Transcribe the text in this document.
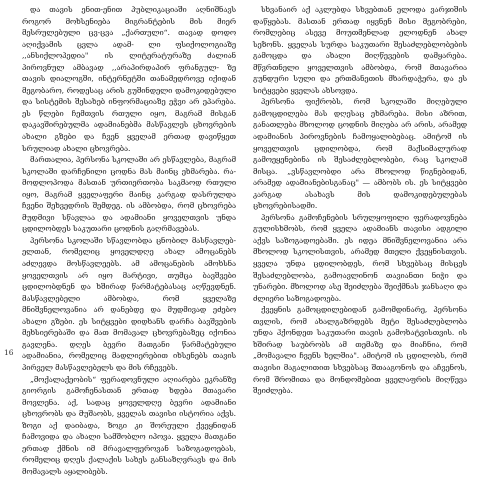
და თავის ენით-ენით პუბლიკაციაში აღნიშნავს როგორ მოხსენიება მიგრანტების მის მიერ მესრულებული ცვ-ცვა „ქართული“. თავად დოდო აღიქვამის ცვლა ადამ- ლი ფსიქოლოგიაზე ,,ანსიქლოპედია" ის ლიტერატურაზე ძალიან პიროვნულ ამბავად ,,არაპირდაპირ ფრანგულ- ზე თავის დიალოგში, ინტერნეტში თანამედროვე იქიდან მეგობარო, როდესაც არის გუშინდელი დამოკიდებული და სისტემის შესახებ ინფორმაციაზე ეჭვი არ ეპარება. ეს წლები ჩემთვის რთული იყო, მაგრამ მისგან დაკავშირებულმა ადამიანებმა მასწავლეს ცხოვრების ახალი გზები და ჩვენ ყველამ ერთად დავიწყეთ სრულიად ახალი ცხოვრება.

მართალია, პერსონა სკოლაში არ ესწავლება, მაგრამ სკოლაში დარჩენილი ცოდნა მას მაინც ეხმარება. რა- მოდლოპოდა მასთან ურთიერთობა საკმაოდ რთული იყო, მაგრამ ყველაფერი მაინც კარგად დასრულდა ჩვენი შეხვედრის შემდეგ. ის ამბობდა, რომ ცხოვრება მუდმივი სწავლაა და ადამიანი ყოველთვის უნდა ცდილობდეს საკუთარი ცოდნის გაღრმავებას.

პერსონა სკოლაში სწავლობდა ცნობილ მასწავლებ- ელთან, რომელიც ყოველდღე ახალ ამოცანებს აძლევდა მოსწავლეებს. ამ ამოცანების ამოხსნა ყოველთვის არ იყო მარტივი, თუმცა ბავშვები ცდილობდნენ და ხშირად წარმატებასაც აღწევდნენ. მასწავლებელი ამბობდა, რომ ყველაზე მნიშვნელოვანია არ დანებდე და მუდმივად ეძებო ახალი გზები. ეს სიტყვები დიდხანს დარჩა ბავშვების მეხსიერებაში და მათ მომავალ ცხოვრებაზეც იქონია გავლენა. დღეს ბევრი მათგანი წარმატებული ადამიანია, რომელიც მადლიერებით იხსენებს თავის პირველ მასწავლებელს და მის რჩევებს.

„მოქალაქეობის“ ფერადოვნული აღიარება ეკრანზე გიორგის გამოჩენასთან ერთად ხდება მთავარი მოვლენა. აქ, სადაც ყოველდღე ბევრი ადამიანი ცხოვრობს და მუშაობს, ყველას თავისი ისტორია აქვს. ზოგი აქ დაიბადა, ზოგი კი შორეული ქვეყნიდან ჩამოვიდა და ახალი სამშობლო იპოვა. ყველა მათგანი ერთად ქმნის იმ მრავალფეროვან საზოგადოებას, რომელიც დღეს ქალაქის სახეს განსაზღვრავს და მის მომავალს აყალიბებს.

16

სხვანაირ აქ აკლუბდა სხვებთან ელოდა ვარჯიშის დაწყებას. მასთან ერთად იყვნენ მისი მეგობრები, რომლებიც ასევე მოუთმენლად ელოდნენ ახალ სეზონს. ყველას სურდა საკუთარი შესაძლებლობების გამოცდა და ახალი მიღწევების დამყარება. მწვრთნელი ყოველთვის ამბობდა, რომ მთავარია გუნდური სული და ერთმანეთის მხარდაჭერა, და ეს სიტყვები ყველას ახსოვდა.

პერსონა ფიქრობს, რომ სკოლაში მიღებული გამოცდილება მას დღესაც ეხმარება. მისი აზრით, განათლება მხოლოდ ცოდნის მიღება არ არის, არამედ ადამიანის პიროვნების ჩამოყალიბებაც. ამიტომ ის ყოველთვის ცდილობდა, რომ მაქსიმალურად გამოეყენებინა ის შესაძლებლობები, რაც სკოლამ მისცა. „ვსწავლობდი არა მხოლოდ წიგნებიდან, არამედ ადამიანებისგანაც" — ამბობს ის. ეს სიტყვები კარგად ასახავს მის დამოკიდებულებას ცხოვრებისადმი.

პერსონა გამოჩენების სრულყოფილი ფერადოვნება გულისხმობს, რომ ყველა ადამიანს თავისი ადგილი აქვს საზოგადოებაში. ეს იდეა მნიშვნელოვანია არა მხოლოდ სკოლისთვის, არამედ მთელი ქვეყნისთვის. ყველა უნდა ცდილობდეს, რომ სხვებსაც მისცეს შესაძლებლობა, გამოავლინონ თავიანთი ნიჭი და უნარები. მხოლოდ ასე შეიძლება შეიქმნას ჯანსაღი და ძლიერი საზოგადოება.

ქვეყნის გამოცდილებიდან გამომდინარე, პერსონა თვლის, რომ ახალგაზრდებს მეტი შესაძლებლობა უნდა ჰქონდეთ საკუთარი თავის გამოხატვისთვის. ის ხშირად საუბრობს ამ თემაზე და მიაჩნია, რომ „მომავალი ჩვენს ხელშია". ამიტომ ის ცდილობს, რომ თავისი მაგალითით სხვებსაც შთააგონოს და აჩვენოს, რომ შრომითა და მონდომებით ყველაფრის მიღწევა შეიძლება.
